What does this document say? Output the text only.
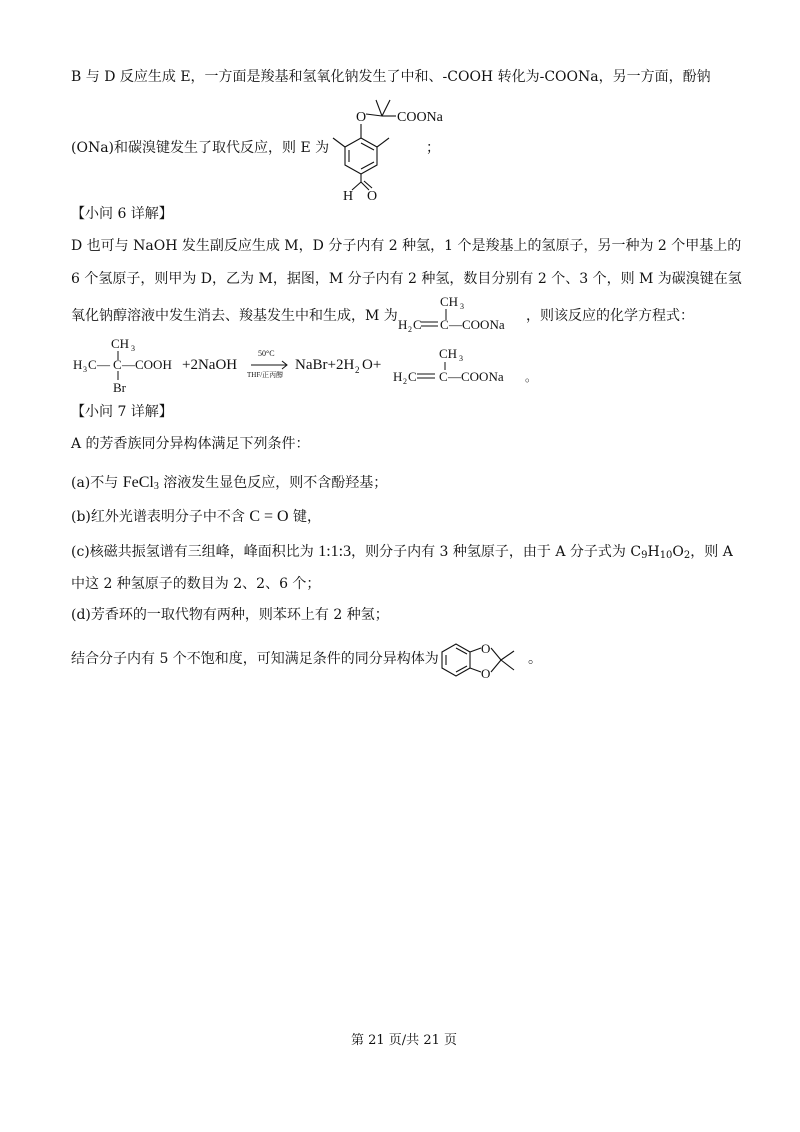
B 与 D 反应生成 E，一方面是羧基和氢氧化钠发生了中和、-COOH 转化为-COONa，另一方面，酚钠
O COONa
H O
(ONa)和碳溴键发生了取代反应，则 E 为	；
【小问 6 详解】
D 也可与 NaOH 发生副反应生成 M，D 分子内有 2 种氢，1 个是羧基上的氢原子，另一种为 2 个甲基上的
6 个氢原子，则甲为 D，乙为 M，据图，M 分子内有 2 种氢，数目分别有 2 个、3 个，则 M 为碳溴键在氢
氧化钠醇溶液中发生消去、羧基发生中和生成，M 为
CH 3
H 2 C C —COONa
，则该反应的化学方程式：
CH 3
H 3 C — C —COOH
Br
+2NaOH
50°C
THF/正丙醇
NaBr+2H 2 O+
CH 3
H 2 C C —COONa 。
【小问 7 详解】
A 的芳香族同分异构体满足下列条件：
(a)不与 FeCl$_3$ 溶液发生显色反应，则不含酚羟基；
(b)红外光谱表明分子中不含 C = O 键，
(c)核磁共振氢谱有三组峰，峰面积比为 1:1:3，则分子内有 3 种氢原子，由于 A 分子式为 $C_9H_{10}O_2$，则 A
中这 2 种氢原子的数目为 2、2、6 个；
(d)芳香环的一取代物有两种，则苯环上有 2 种氢；
结合分子内有 5 个不饱和度，可知满足条件的同分异构体为
O
O
。
第 21 页/共 21 页
